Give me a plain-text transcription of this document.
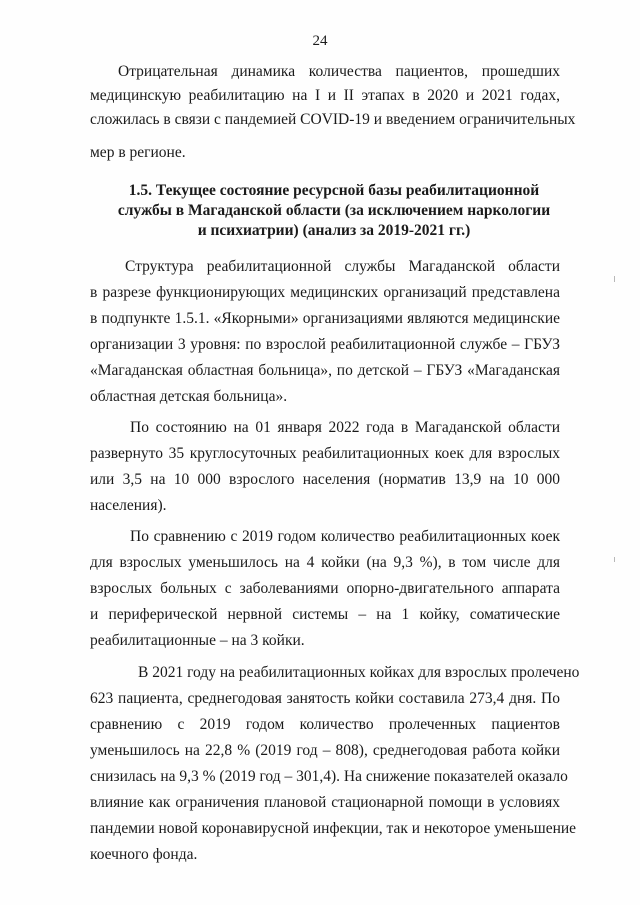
24
Отрицательная динамика количества пациентов, прошедших
медицинскую реабилитацию на I и II этапах в 2020 и 2021 годах,
сложилась в связи с пандемией COVID-19 и введением ограничительных
мер в регионе.
1.5. Текущее состояние ресурсной базы реабилитационной
службы в Магаданской области (за исключением наркологии
и психиатрии) (анализ за 2019-2021 гг.)
Структура реабилитационной службы Магаданской области
в разрезе функционирующих медицинских организаций представлена
в подпункте 1.5.1. «Якорными» организациями являются медицинские
организации 3 уровня: по взрослой реабилитационной службе – ГБУЗ
«Магаданская областная больница», по детской – ГБУЗ «Магаданская
областная детская больница».
По состоянию на 01 января 2022 года в Магаданской области
развернуто 35 круглосуточных реабилитационных коек для взрослых
или 3,5 на 10 000 взрослого населения (норматив 13,9 на 10 000
населения).
По сравнению с 2019 годом количество реабилитационных коек
для взрослых уменьшилось на 4 койки (на 9,3 %), в том числе для
взрослых больных с заболеваниями опорно-двигательного аппарата
и периферической нервной системы – на 1 койку, соматические
реабилитационные – на 3 койки.
В 2021 году на реабилитационных койках для взрослых пролечено
623 пациента, среднегодовая занятость койки составила 273,4 дня. По
сравнению с 2019 годом количество пролеченных пациентов
уменьшилось на 22,8 % (2019 год – 808), среднегодовая работа койки
снизилась на 9,3 % (2019 год – 301,4). На снижение показателей оказало
влияние как ограничения плановой стационарной помощи в условиях
пандемии новой коронавирусной инфекции, так и некоторое уменьшение
коечного фонда.
